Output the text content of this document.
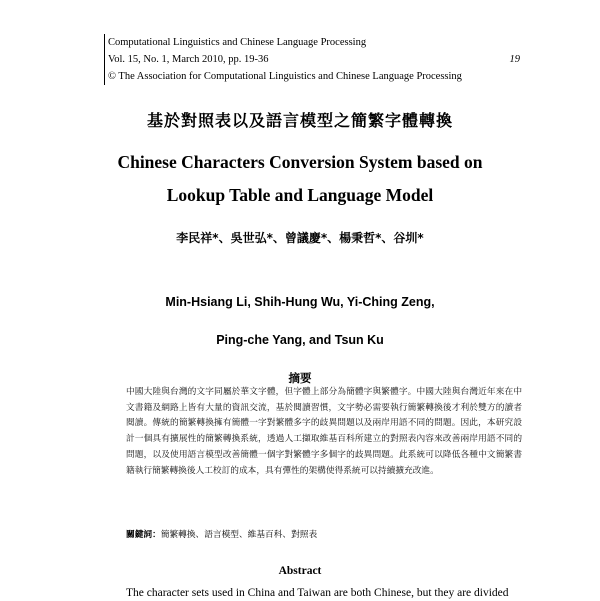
Computational Linguistics and Chinese Language Processing
Vol. 15, No. 1, March 2010, pp. 19-36	19
© The Association for Computational Linguistics and Chinese Language Processing
基於對照表以及語言模型之簡繁字體轉換
Chinese Characters Conversion System based on
Lookup Table and Language Model
李民祥*、吳世弘*、曾議慶*、楊秉哲*、谷圳*
Min-Hsiang Li, Shih-Hung Wu, Yi-Ching Zeng,
Ping-che Yang, and Tsun Ku
摘要
中國大陸與台灣的文字同屬於華文字體，但字體上部分為簡體字與繁體字。中國大陸與台灣近年來在中文書籍及網路上皆有大量的資訊交流，基於閱讀習慣，文字勢必需要執行簡繁轉換後才利於雙方的讀者閱讀。傳統的簡繁轉換擁有簡體一字對繁體多字的歧異問題以及兩岸用語不同的問題。因此，本研究設計一個具有擴展性的簡繁轉換系統，透過人工擷取維基百科所建立的對照表內容來改善兩岸用語不同的問題，以及使用語言模型改善簡體一個字對繁體字多個字的歧異問題。此系統可以降低各種中文簡繁書籍執行簡繁轉換後人工校訂的成本，具有彈性的架構使得系統可以持續擴充改進。
關鍵詞：簡繁轉換、語言模型、維基百科、對照表
Abstract
The character sets used in China and Taiwan are both Chinese, but they are divided
